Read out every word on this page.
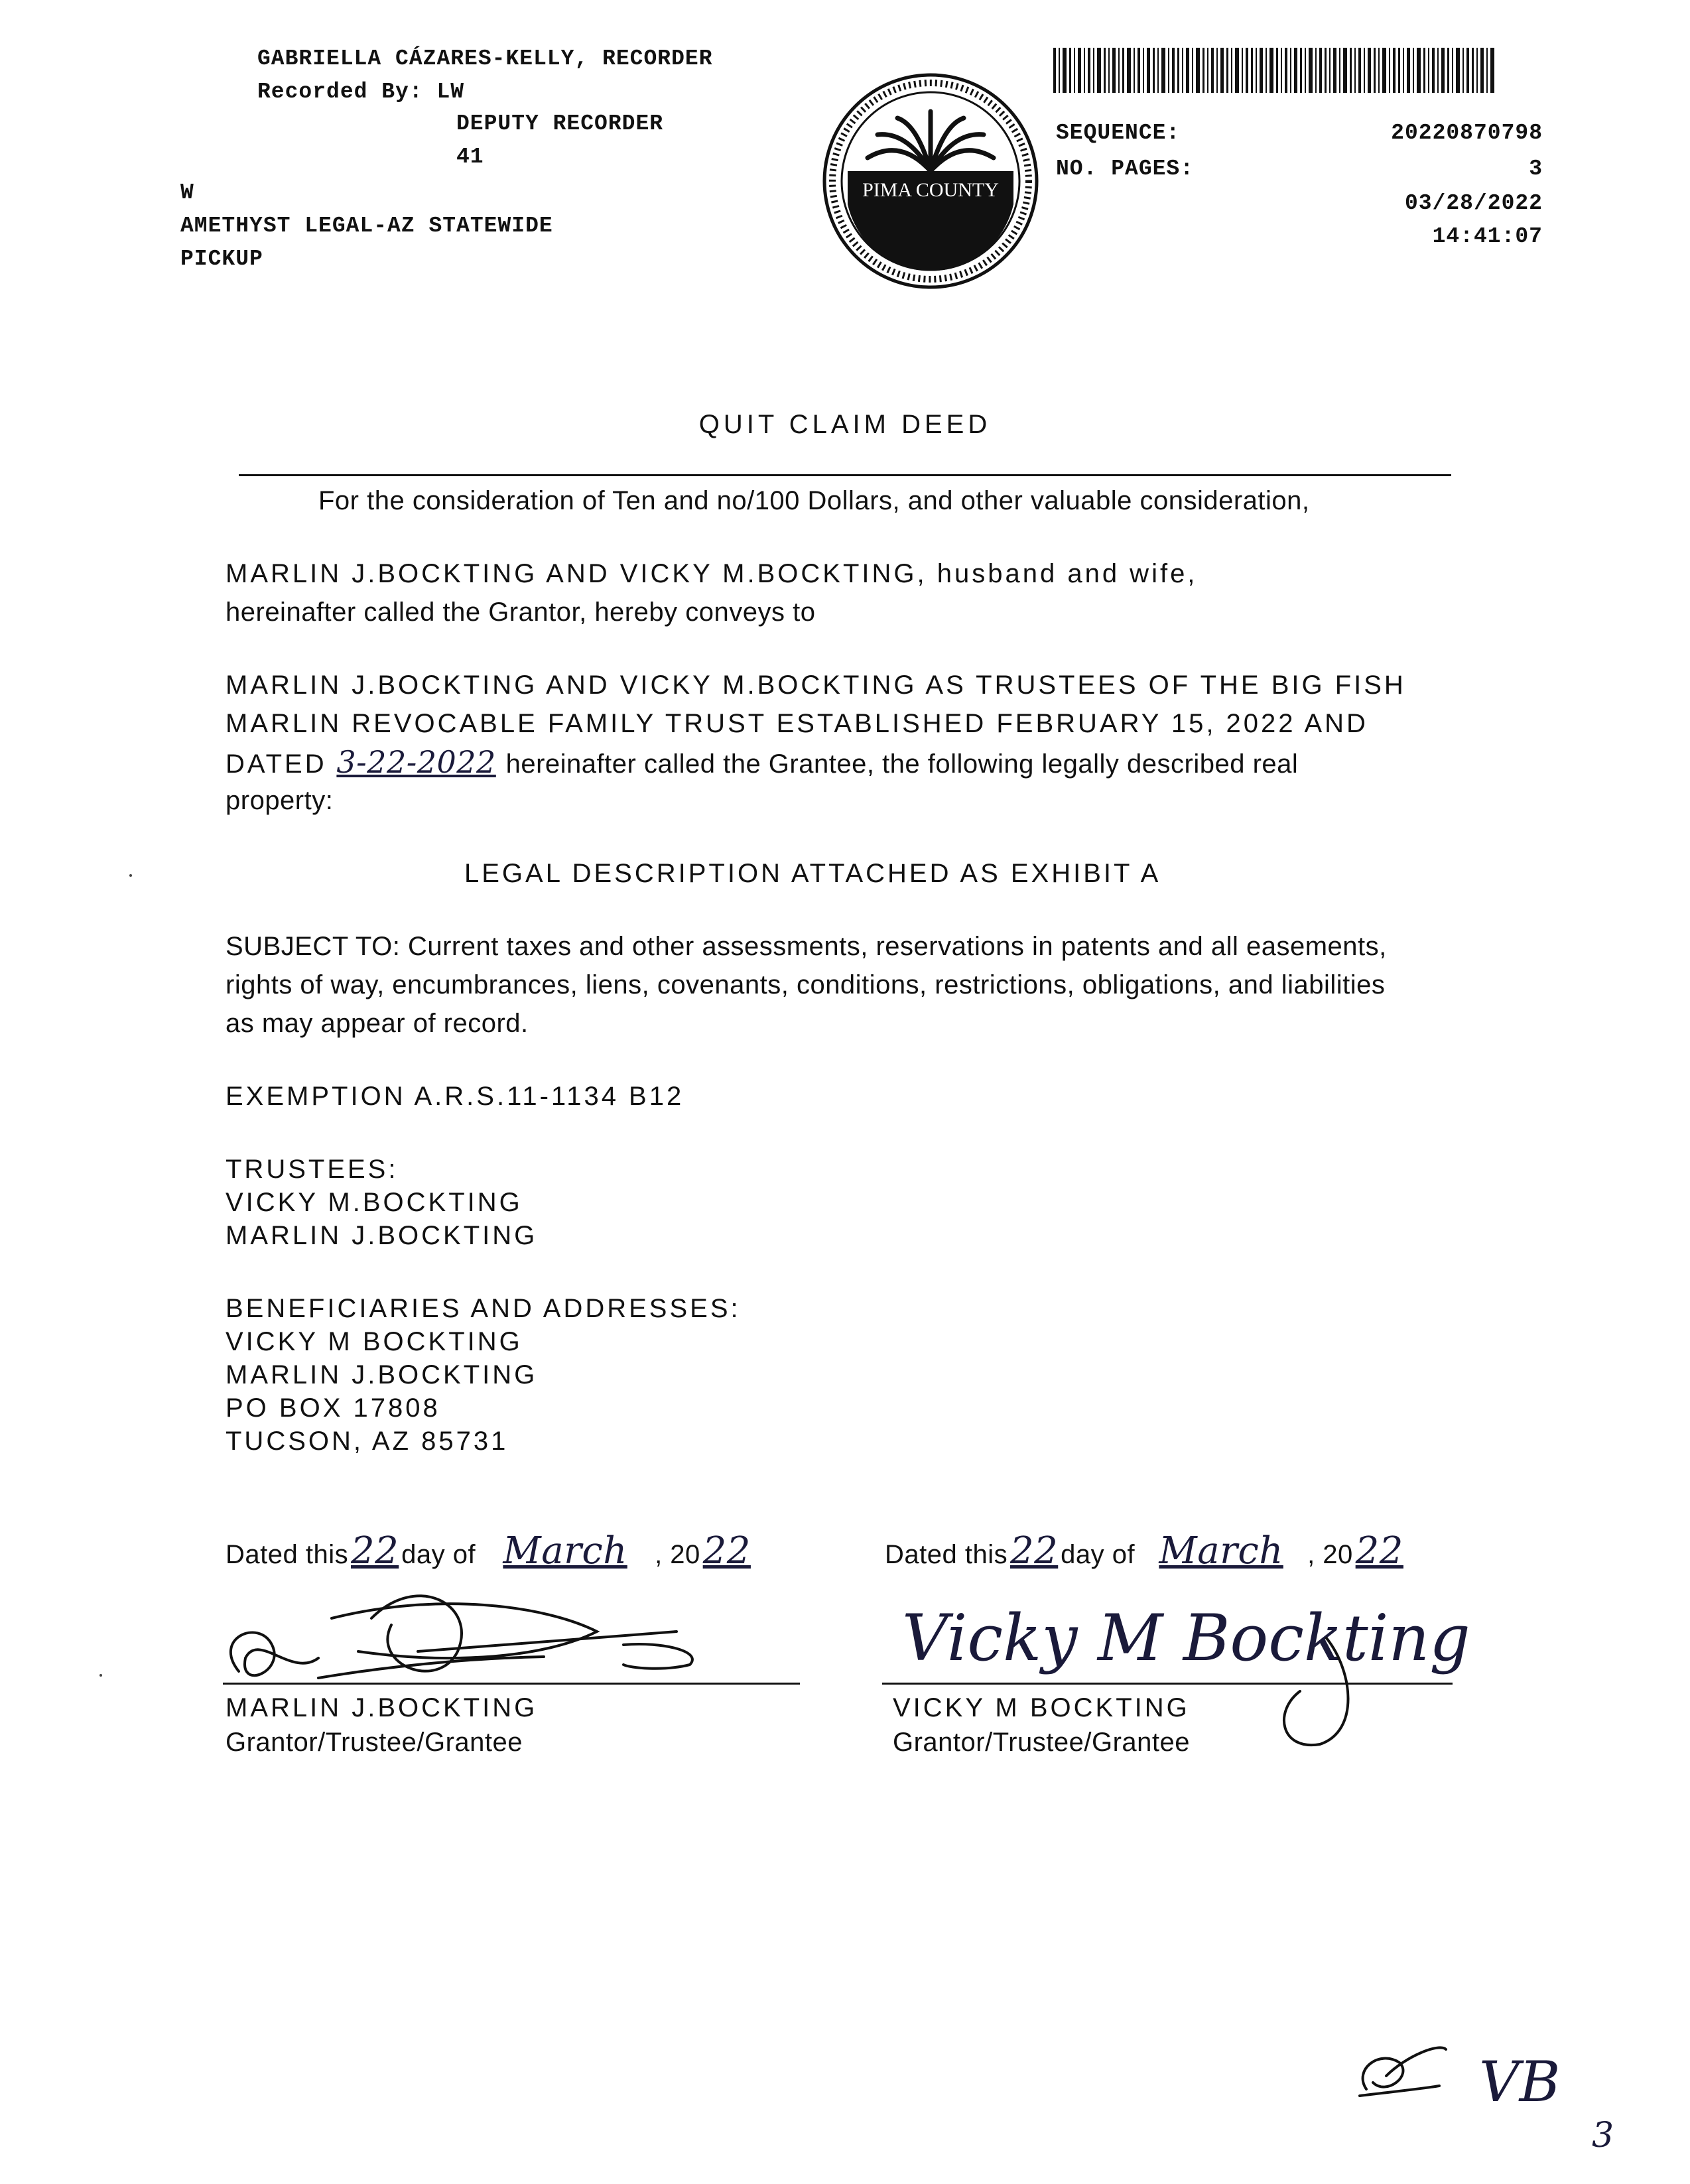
GABRIELLA CÁZARES-KELLY, RECORDER
Recorded By: LW
DEPUTY RECORDER
41
W
AMETHYST LEGAL-AZ STATEWIDE
PICKUP
PIMA COUNTY
SEQUENCE:	20220870798
NO. PAGES:	3
03/28/2022
14:41:07
QUIT CLAIM DEED
For the consideration of Ten and no/100 Dollars, and other valuable consideration,
MARLIN J.BOCKTING AND VICKY M.BOCKTING, husband and wife,
hereinafter called the Grantor, hereby conveys to
MARLIN J.BOCKTING AND VICKY M.BOCKTING AS TRUSTEES OF THE BIG FISH
MARLIN REVOCABLE FAMILY TRUST ESTABLISHED FEBRUARY 15, 2022 AND
DATED 3-22-2022 hereinafter called the Grantee, the following legally described real
property:
LEGAL DESCRIPTION ATTACHED AS EXHIBIT A
SUBJECT TO: Current taxes and other assessments, reservations in patents and all easements,
rights of way, encumbrances, liens, covenants, conditions, restrictions, obligations, and liabilities
as may appear of record.
EXEMPTION A.R.S.11-1134 B12
TRUSTEES:
VICKY M.BOCKTING
MARLIN J.BOCKTING
BENEFICIARIES AND ADDRESSES:
VICKY M BOCKTING
MARLIN J.BOCKTING
PO BOX 17808
TUCSON, AZ 85731
Dated this22day of March , 2022
MARLIN J.BOCKTING
Grantor/Trustee/Grantee
Dated this22day of March , 2022
Vicky M Bockting
VICKY M BOCKTING
Grantor/Trustee/Grantee
VB
3
